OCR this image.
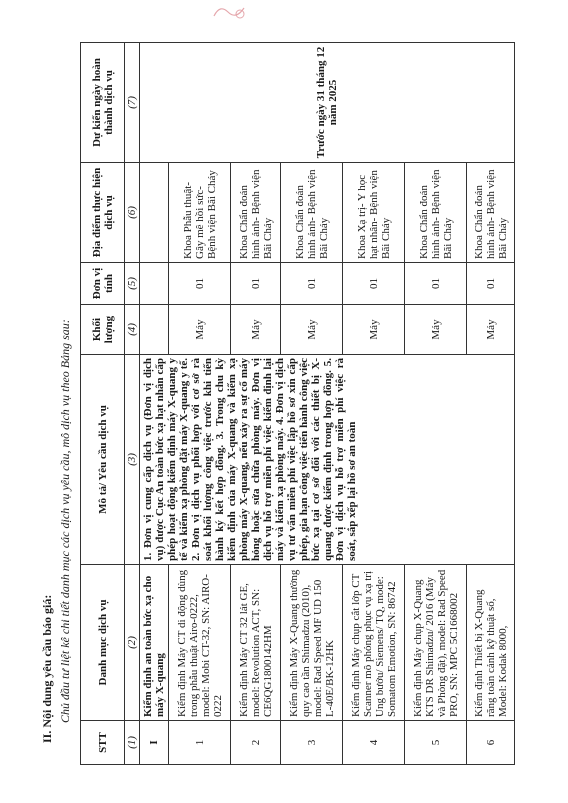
II. Nội dung yêu cầu báo giá: Chủ đầu tư liệt kê chi tiết danh mục các dịch vụ yêu cầu, mô dịch vụ theo Bảng sau:
STT	Danh mục dịch vụ	Mô tả/ Yêu cầu dịch vụ	Khối lượng	Đơn vị tính	Địa điểm thực hiện dịch vụ	Dự kiến ngày hoàn thành dịch vụ
(1)	(2)	(3)	(4)	(5)	(6)	(7)
I	Kiểm định an toàn bức xạ cho máy X-quang	1. Đơn vị cung cấp dịch vụ (Đơn vị dịch vụ) được Cục An toàn bức xạ hạt nhân cấp phép hoạt động kiểm định máy X-quang y tế và kiểm xạ phòng đặt máy X-quang y tế. 2. Đơn vị dịch vụ phối hợp với cơ sở rà soát khối lượng công việc trước khi tiến hành ký kết hợp đồng. 3. Trong chu kỳ kiểm định của máy X-quang và kiểm xạ phòng máy X-quang, nếu xảy ra sự cố máy hỏng hoặc sửa chữa phòng máy. Đơn vị dịch vụ hỗ trợ miễn phí việc kiểm định lại máy và kiểm xạ phòng máy. 4. Đơn vị dịch vụ tư vấn miễn phí việc lập hồ sơ xin cấp phép, gia hạn công việc tiến hành công việc bức xạ tại cơ sở đối với các thiết bị X-quang được kiểm định trong hợp đồng. 5. Đơn vị dịch vụ hỗ trợ miễn phí việc rà soát, sắp xếp lại hồ sơ an toàn				Trước ngày 31 tháng 12 năm 2025
1	Kiểm định Máy CT di động dùng trong phẫu thuật Airo-0222, model: Mobi CT-32, SN: AIRO-0222		Máy	01	Khoa Phẫu thuật-Gây mê hồi sức-Bệnh viện Bãi Cháy	
2	Kiểm định Máy CT 32 lát GE, model: Revolution ACT, SN: CE6QG1800142HM		Máy	01	Khoa Chẩn đoán hình ảnh- Bệnh viện Bãi Cháy	
3	Kiểm định Máy X-Quang thường quy cao tần Shimadzu (2010), model: Rad Speed MF UD 150 L-40E/BK-12HK		Máy	01	Khoa Chẩn đoán hình ảnh- Bệnh viện Bãi Cháy	
4	Kiểm định Máy chụp cắt lớp CT Scanner mô phỏng phục vụ xạ trị Ung bướu/ Siemens/ TQ, mode: Somatom Emotion, SN: 86742		Máy	01	Khoa Xạ trị- Y học hạt nhân- Bệnh viện Bãi Cháy	
5	Kiểm định Máy chụp X-Quang KTS DR Shimadzu/ 2016 (Máy và Phòng đặt), model: Rad Speed PRO, SN: MPC 5C1668002		Máy	01	Khoa Chẩn đoán hình ảnh- Bệnh viện Bãi Cháy	
6	Kiểm định Thiết bị X-Quang răng toàn cảnh kỹ thuật số, Model: Kodak 8000,		Máy	01	Khoa Chẩn đoán hình ảnh- Bệnh viện Bãi Cháy	
